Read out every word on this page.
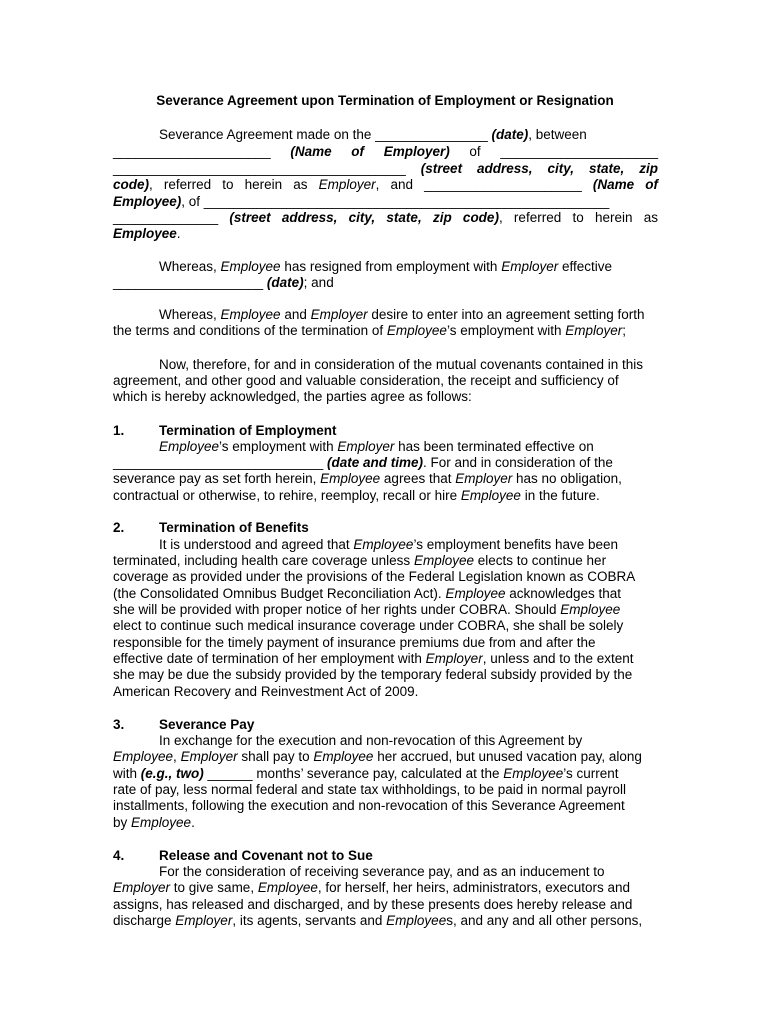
Severance Agreement upon Termination of Employment or Resignation
Severance Agreement made on the _______________ (date), between
_____________________ (Name of Employer) of _____________________
_______________________________________ (street address, city, state, zip
code), referred to herein as Employer, and _____________________ (Name of
Employee), of ______________________________________________________
______________ (street address, city, state, zip code), referred to herein as
Employee.
Whereas, Employee has resigned from employment with Employer effective
____________________ (date); and
Whereas, Employee and Employer desire to enter into an agreement setting forth
the terms and conditions of the termination of Employee’s employment with Employer;
Now, therefore, for and in consideration of the mutual covenants contained in this
agreement, and other good and valuable consideration, the receipt and sufficiency of
which is hereby acknowledged, the parties agree as follows:
1.	Termination of Employment
Employee’s employment with Employer has been terminated effective on
____________________________ (date and time). For and in consideration of the
severance pay as set forth herein, Employee agrees that Employer has no obligation,
contractual or otherwise, to rehire, reemploy, recall or hire Employee in the future.
2.	Termination of Benefits
It is understood and agreed that Employee’s employment benefits have been
terminated, including health care coverage unless Employee elects to continue her
coverage as provided under the provisions of the Federal Legislation known as COBRA
(the Consolidated Omnibus Budget Reconciliation Act). Employee acknowledges that
she will be provided with proper notice of her rights under COBRA. Should Employee
elect to continue such medical insurance coverage under COBRA, she shall be solely
responsible for the timely payment of insurance premiums due from and after the
effective date of termination of her employment with Employer, unless and to the extent
she may be due the subsidy provided by the temporary federal subsidy provided by the
American Recovery and Reinvestment Act of 2009.
3.	Severance Pay
In exchange for the execution and non-revocation of this Agreement by
Employee, Employer shall pay to Employee her accrued, but unused vacation pay, along
with (e.g., two) ______ months’ severance pay, calculated at the Employee’s current
rate of pay, less normal federal and state tax withholdings, to be paid in normal payroll
installments, following the execution and non-revocation of this Severance Agreement
by Employee.
4.	Release and Covenant not to Sue
For the consideration of receiving severance pay, and as an inducement to
Employer to give same, Employee, for herself, her heirs, administrators, executors and
assigns, has released and discharged, and by these presents does hereby release and
discharge Employer, its agents, servants and Employees, and any and all other persons,
